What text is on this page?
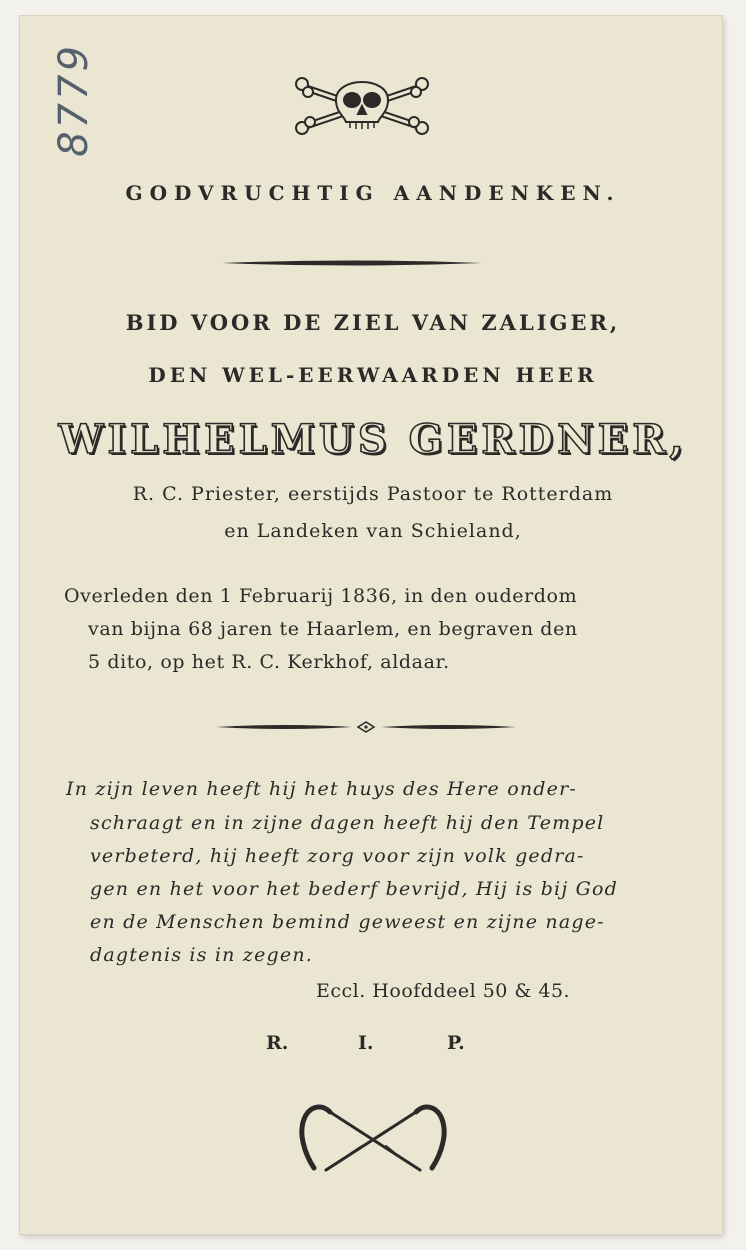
8779
GODVRUCHTIG AANDENKEN.
BID VOOR DE ZIEL VAN ZALIGER,
DEN WEL-EERWAARDEN HEER
WILHELMUS GERDNER,
R. C. Priester, eerstijds Pastoor te Rotterdam
en Landeken van Schieland,
Overleden den 1 Februarij 1836, in den ouderdom
van bijna 68 jaren te Haarlem, en begraven den
5 dito, op het R. C. Kerkhof, aldaar.
In zijn leven heeft hij het huys des Here onder-
schraagt en in zijne dagen heeft hij den Tempel
verbeterd, hij heeft zorg voor zijn volk gedra-
gen en het voor het bederf bevrijd, Hij is bij God
en de Menschen bemind geweest en zijne nage-
dagtenis is in zegen.
Eccl. Hoofddeel 50 & 45.
R.	I.	P.
